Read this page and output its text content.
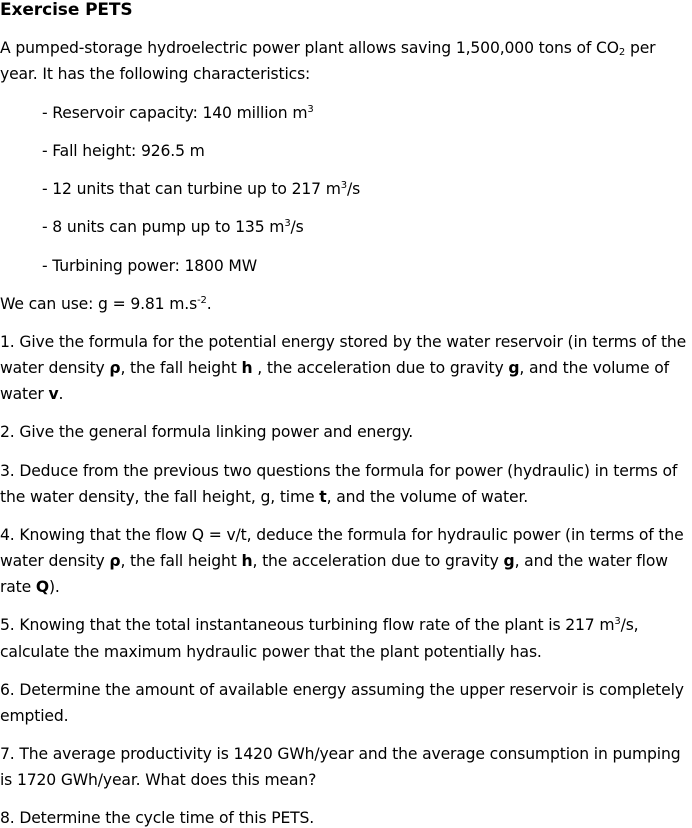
Exercise PETS
A pumped-storage hydroelectric power plant allows saving 1,500,000 tons of $CO_2$ per
year. It has the following characteristics:
- Reservoir capacity: 140 million $m^3$
- Fall height: 926.5 m
- 12 units that can turbine up to 217 $m^3/s$
- 8 units can pump up to 135 $m^3/s$
- Turbining power: 1800 MW
We can use: g = 9.81 $m.s^{-2}$.
1. Give the formula for the potential energy stored by the water reservoir (in terms of the
water density ρ, the fall height h , the acceleration due to gravity g, and the volume of
water v.
2. Give the general formula linking power and energy.
3. Deduce from the previous two questions the formula for power (hydraulic) in terms of
the water density, the fall height, g, time t, and the volume of water.
4. Knowing that the flow Q = v/t, deduce the formula for hydraulic power (in terms of the
water density ρ, the fall height h, the acceleration due to gravity g, and the water flow
rate Q).
5. Knowing that the total instantaneous turbining flow rate of the plant is 217 $m^3/s$,
calculate the maximum hydraulic power that the plant potentially has.
6. Determine the amount of available energy assuming the upper reservoir is completely
emptied.
7. The average productivity is 1420 GWh/year and the average consumption in pumping
is 1720 GWh/year. What does this mean?
8. Determine the cycle time of this PETS.
